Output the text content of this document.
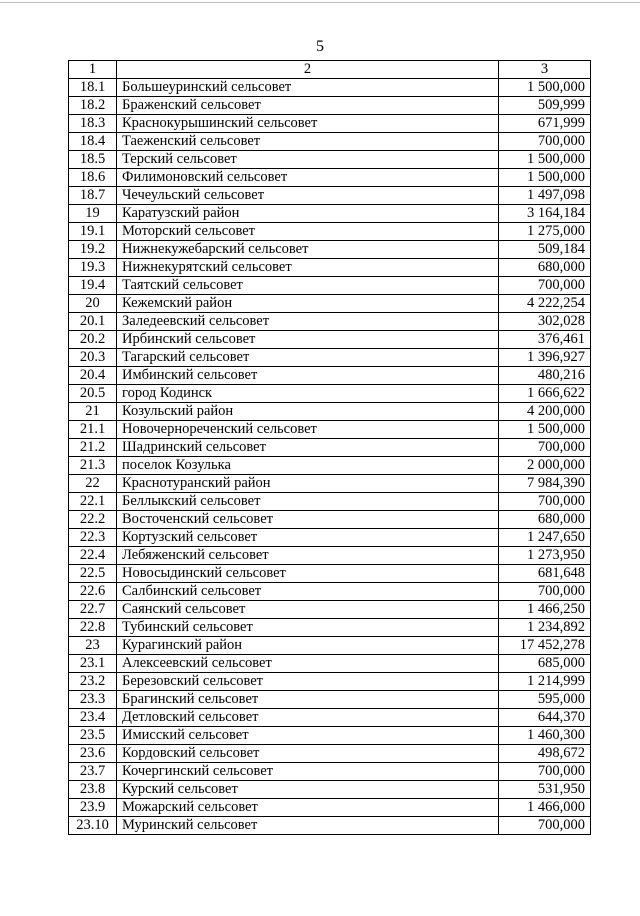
5
1	2	3
18.1	Большеуринский сельсовет	1 500,000
18.2	Браженский сельсовет	509,999
18.3	Краснокурышинский сельсовет	671,999
18.4	Таеженский сельсовет	700,000
18.5	Терский сельсовет	1 500,000
18.6	Филимоновский сельсовет	1 500,000
18.7	Чечеульский сельсовет	1 497,098
19	Каратузский район	3 164,184
19.1	Моторский сельсовет	1 275,000
19.2	Нижнекужебарский сельсовет	509,184
19.3	Нижнекурятский сельсовет	680,000
19.4	Таятский сельсовет	700,000
20	Кежемский район	4 222,254
20.1	Заледеевский сельсовет	302,028
20.2	Ирбинский сельсовет	376,461
20.3	Тагарский сельсовет	1 396,927
20.4	Имбинский сельсовет	480,216
20.5	город Кодинск	1 666,622
21	Козульский район	4 200,000
21.1	Новочернореченский сельсовет	1 500,000
21.2	Шадринский сельсовет	700,000
21.3	поселок Козулька	2 000,000
22	Краснотуранский район	7 984,390
22.1	Беллыкский сельсовет	700,000
22.2	Восточенский сельсовет	680,000
22.3	Кортузский сельсовет	1 247,650
22.4	Лебяженский сельсовет	1 273,950
22.5	Новосыдинский сельсовет	681,648
22.6	Салбинский сельсовет	700,000
22.7	Саянский сельсовет	1 466,250
22.8	Тубинский сельсовет	1 234,892
23	Курагинский район	17 452,278
23.1	Алексеевский сельсовет	685,000
23.2	Березовский сельсовет	1 214,999
23.3	Брагинский сельсовет	595,000
23.4	Детловский сельсовет	644,370
23.5	Имисский сельсовет	1 460,300
23.6	Кордовский сельсовет	498,672
23.7	Кочергинский сельсовет	700,000
23.8	Курский сельсовет	531,950
23.9	Можарский сельсовет	1 466,000
23.10	Муринский сельсовет	700,000
